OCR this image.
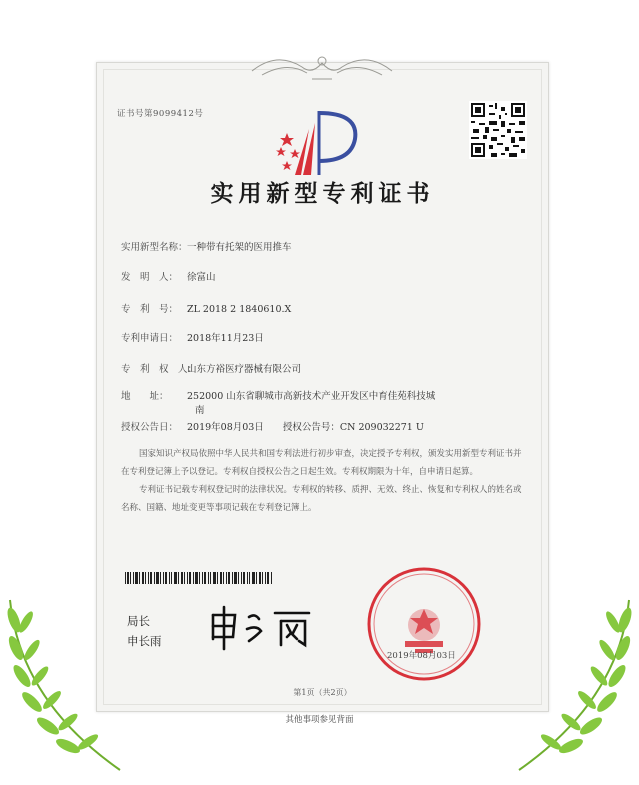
证书号第9099412号
实用新型专利证书
实用新型名称：一种带有托架的医用推车
发　明　人： 徐富山
专　利　号： ZL 2018 2 1840610.X
专利申请日： 2018年11月23日
专　利　权　人：山东方裕医疗器械有限公司
地　　址： 252000 山东省聊城市高新技术产业开发区中育佳苑科技城
南
授权公告日： 2019年08月03日　　授权公告号：CN 209032271 U

国家知识产权局依照中华人民共和国专利法进行初步审查，决定授予专利权，颁发实用新型专利证书并在专利登记簿上予以登记。专利权自授权公告之日起生效。专利权期限为十年，自申请日起算。

专利证书记载专利权登记时的法律状况。专利权的转移、质押、无效、终止、恢复和专利权人的姓名或名称、国籍、地址变更等事项记载在专利登记簿上。

局长
申长雨
2019年08月03日
第1页（共2页）
其他事项参见背面
